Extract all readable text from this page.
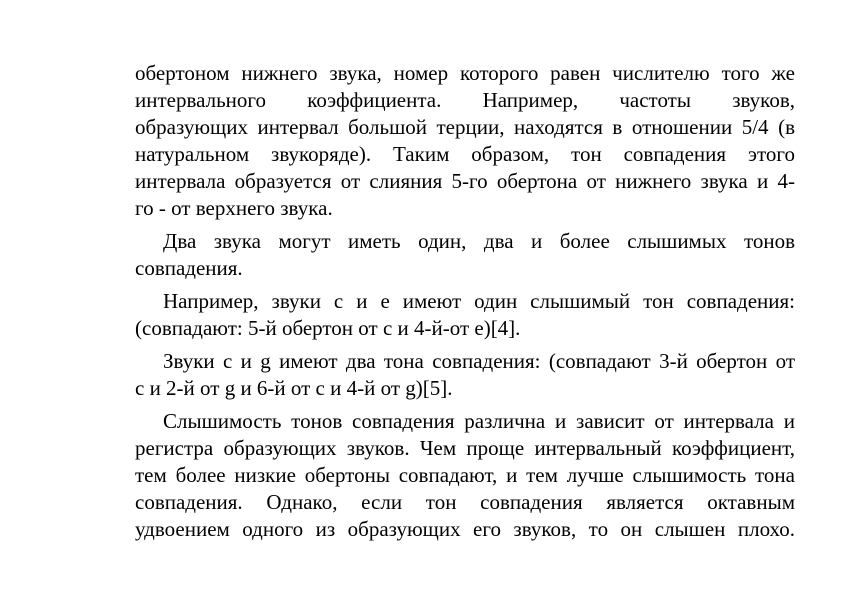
обертоном нижнего звука, номер которого равен числителю того же
интервального коэффициента. Например, частоты звуков,
образующих интервал большой терции, находятся в отношении 5/4 (в
натуральном звукоряде). Таким образом, тон совпадения этого
интервала образуется от слияния 5-го обертона от нижнего звука и 4-
го - от верхнего звука.
Два звука могут иметь один, два и более слышимых тонов
совпадения.
Например, звуки с и е имеют один слышимый тон совпадения:
(совпадают: 5-й обертон от с и 4-й-от е)[4].
Звуки с и g имеют два тона совпадения: (совпадают 3-й обертон от
с и 2-й от g и 6-й от с и 4-й от g)[5].
Слышимость тонов совпадения различна и зависит от интервала и
регистра образующих звуков. Чем проще интервальный коэффициент,
тем более низкие обертоны совпадают, и тем лучше слышимость тона
совпадения. Однако, если тон совпадения является октавным
удвоением одного из образующих его звуков, то он слышен плохо.
